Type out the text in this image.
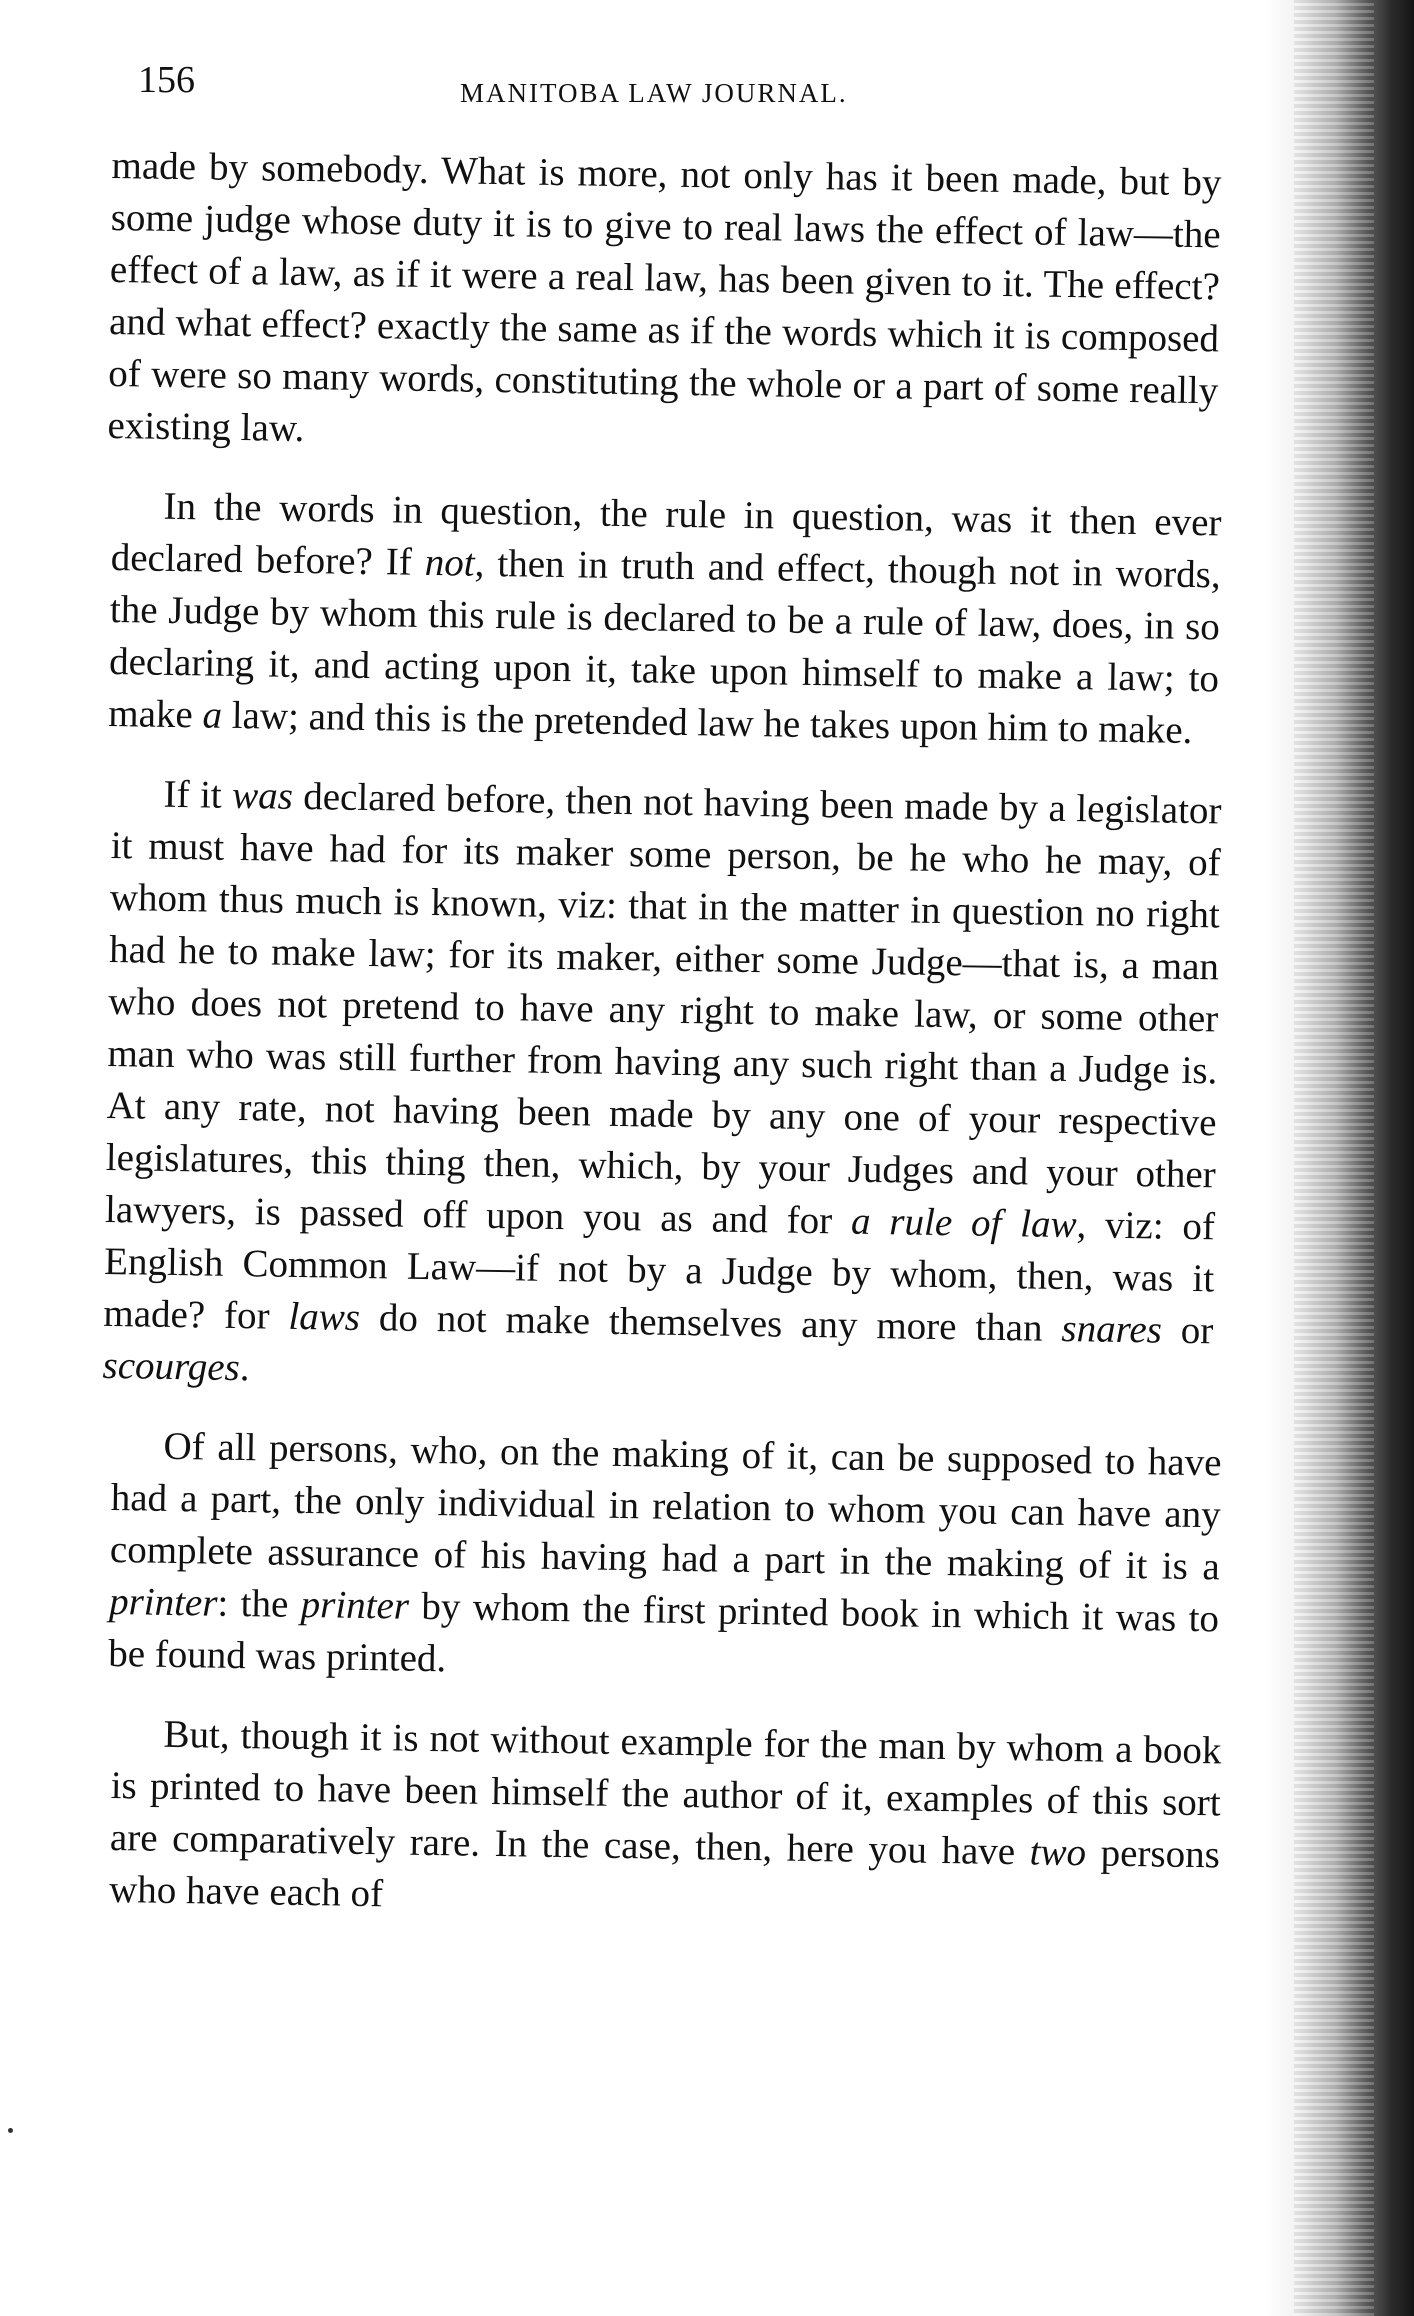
156	MANITOBA LAW JOURNAL.

made by somebody. What is more, not only has it been made, but by some judge whose duty it is to give to real laws the effect of law—the effect of a law, as if it were a real law, has been given to it. The effect? and what effect? exactly the same as if the words which it is composed of were so many words, constituting the whole or a part of some really existing law.

In the words in question, the rule in question, was it then ever declared before? If not, then in truth and effect, though not in words, the Judge by whom this rule is declared to be a rule of law, does, in so declaring it, and acting upon it, take upon himself to make a law; to make a law; and this is the pretended law he takes upon him to make.

If it was declared before, then not having been made by a legislator it must have had for its maker some person, be he who he may, of whom thus much is known, viz: that in the matter in question no right had he to make law; for its maker, either some Judge—that is, a man who does not pretend to have any right to make law, or some other man who was still further from having any such right than a Judge is. At any rate, not having been made by any one of your respective legislatures, this thing then, which, by your Judges and your other lawyers, is passed off upon you as and for a rule of law, viz: of English Common Law—if not by a Judge by whom, then, was it made? for laws do not make themselves any more than snares or scourges.

Of all persons, who, on the making of it, can be supposed to have had a part, the only individual in relation to whom you can have any complete assurance of his having had a part in the making of it is a printer: the printer by whom the first printed book in which it was to be found was printed.

But, though it is not without example for the man by whom a book is printed to have been himself the author of it, examples of this sort are comparatively rare. In the case, then, here you have two persons who have each of
